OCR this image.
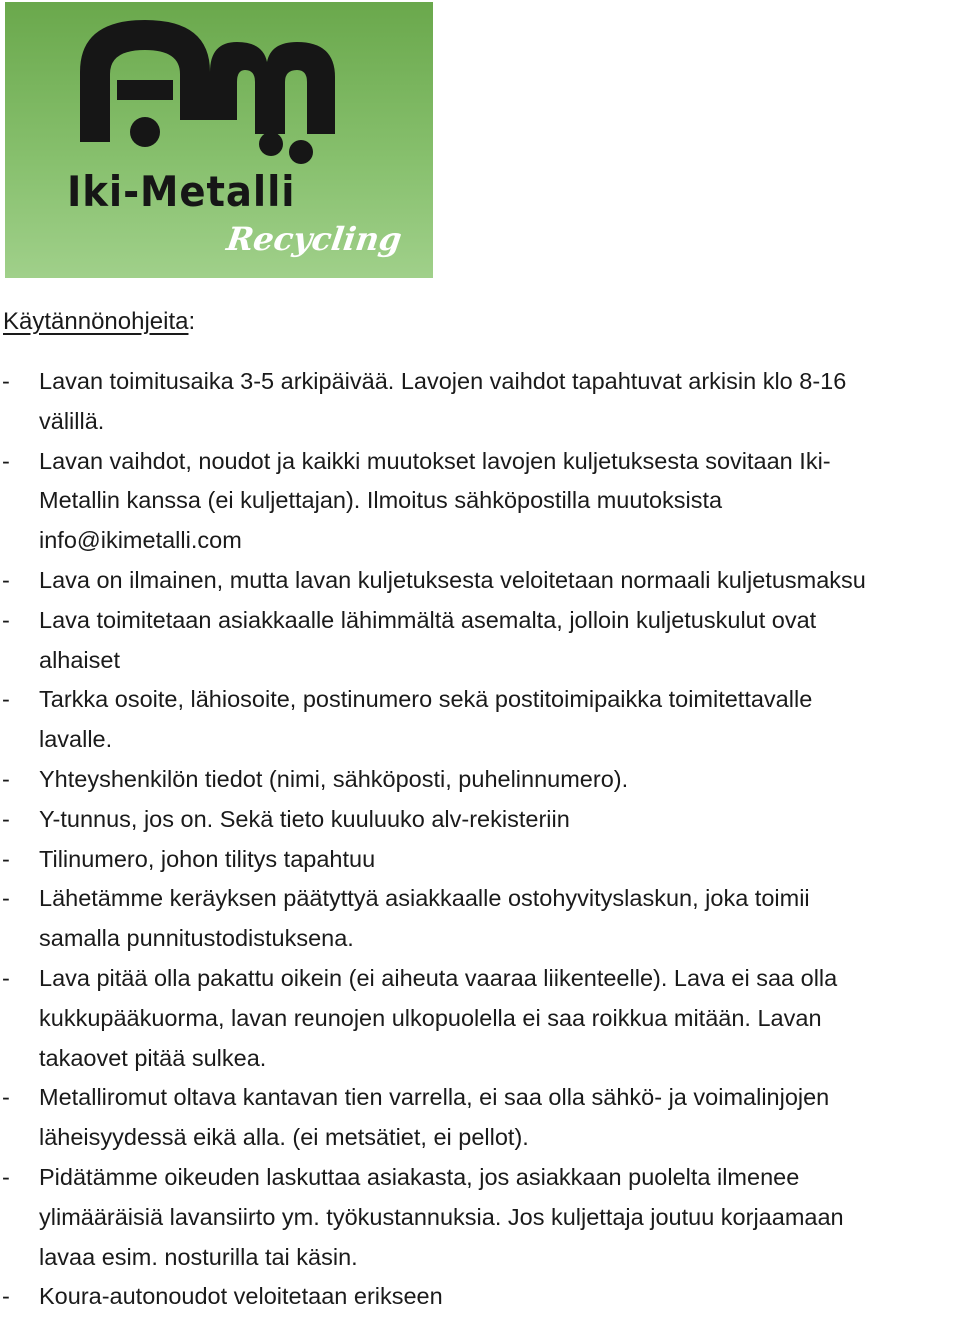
Iki-Metalli
Recycling
Käytännönohjeita:
- Lavan toimitusaika 3-5 arkipäivää. Lavojen vaihdot tapahtuvat arkisin klo 8-16
välillä.
- Lavan vaihdot, noudot ja kaikki muutokset lavojen kuljetuksesta sovitaan Iki-
Metallin kanssa (ei kuljettajan). Ilmoitus sähköpostilla muutoksista
info@ikimetalli.com
- Lava on ilmainen, mutta lavan kuljetuksesta veloitetaan normaali kuljetusmaksu
- Lava toimitetaan asiakkaalle lähimmältä asemalta, jolloin kuljetuskulut ovat
alhaiset
- Tarkka osoite, lähiosoite, postinumero sekä postitoimipaikka toimitettavalle
lavalle.
- Yhteyshenkilön tiedot (nimi, sähköposti, puhelinnumero).
- Y-tunnus, jos on. Sekä tieto kuuluuko alv-rekisteriin
- Tilinumero, johon tilitys tapahtuu
- Lähetämme keräyksen päätyttyä asiakkaalle ostohyvityslaskun, joka toimii
samalla punnitustodistuksena.
- Lava pitää olla pakattu oikein (ei aiheuta vaaraa liikenteelle). Lava ei saa olla
kukkupääkuorma, lavan reunojen ulkopuolella ei saa roikkua mitään. Lavan
takaovet pitää sulkea.
- Metalliromut oltava kantavan tien varrella, ei saa olla sähkö- ja voimalinjojen
läheisyydessä eikä alla. (ei metsätiet, ei pellot).
- Pidätämme oikeuden laskuttaa asiakasta, jos asiakkaan puolelta ilmenee
ylimääräisiä lavansiirto ym. työkustannuksia. Jos kuljettaja joutuu korjaamaan
lavaa esim. nosturilla tai käsin.
- Koura-autonoudot veloitetaan erikseen
